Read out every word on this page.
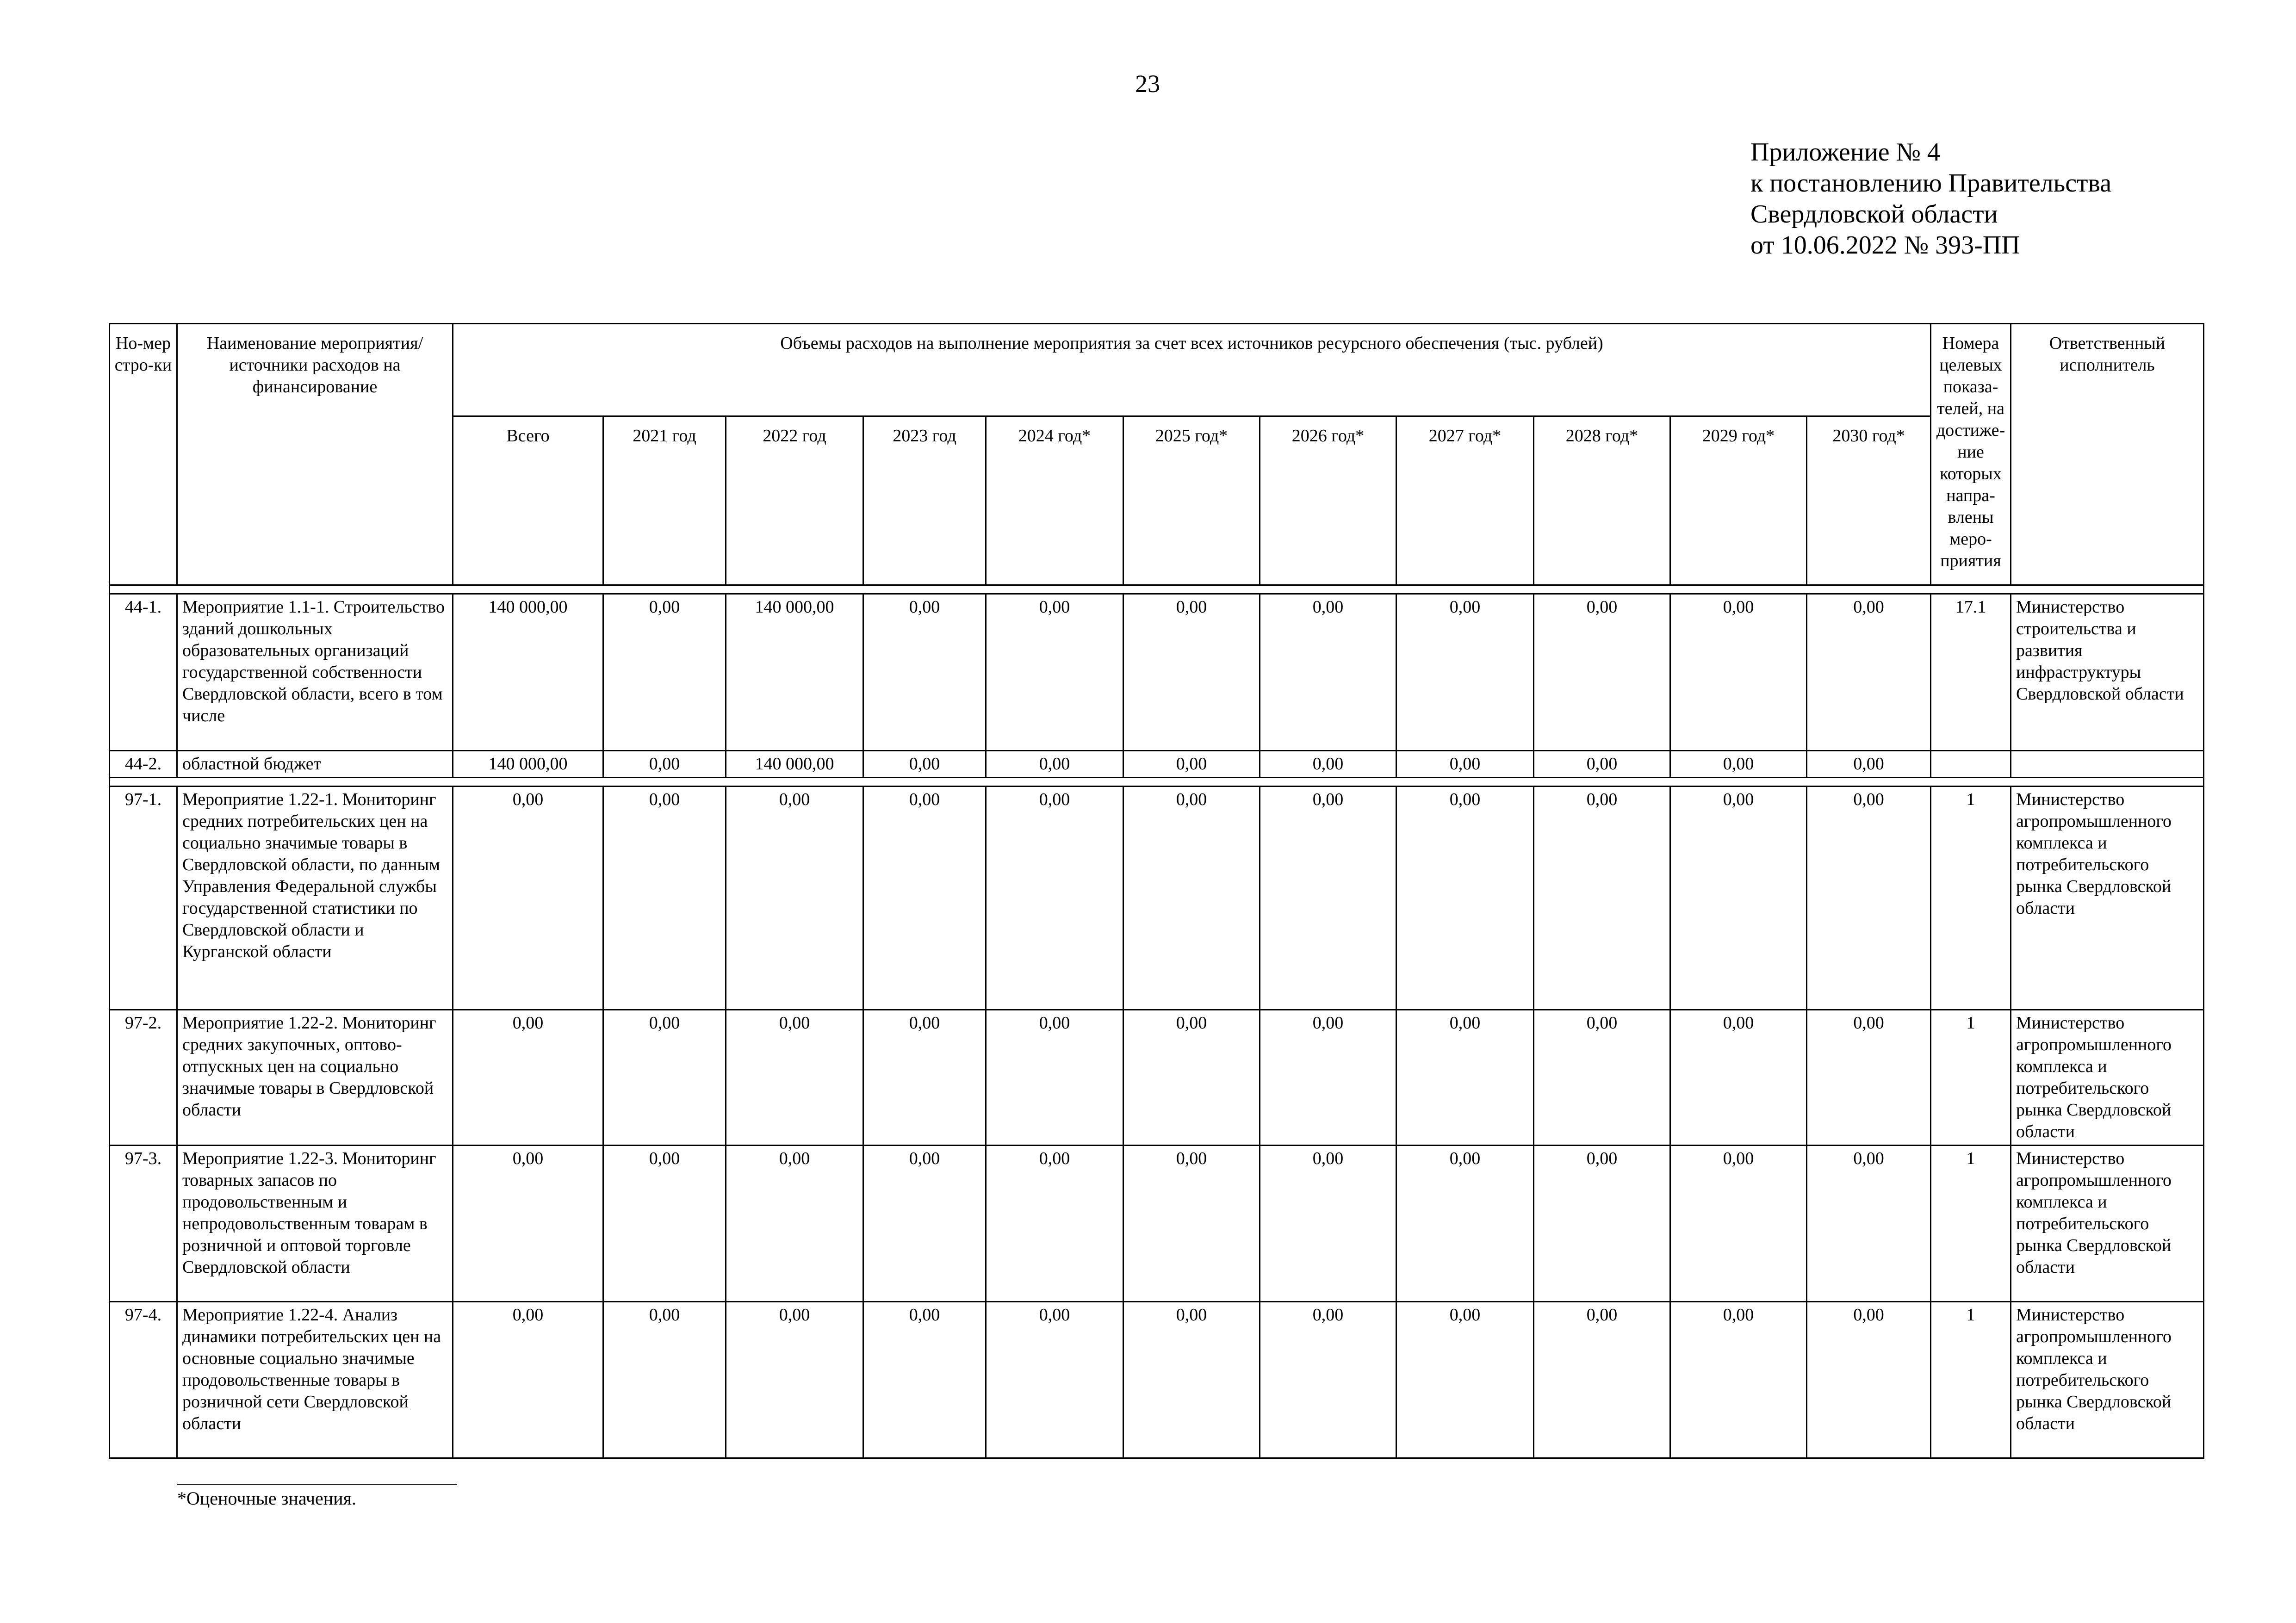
23
Приложение № 4
к постановлению Правительства
Свердловской области
от 10.06.2022 № 393-ПП
Но-мер стро-ки	Наименование мероприятия/ источники расходов на финансирование	Объемы расходов на выполнение мероприятия за счет всех источников ресурсного обеспечения (тыс. рублей)											Номера целевых показа-телей, на достиже-ние которых напра-влены меро-приятия	Ответственный исполнитель
		Всего	2021 год	2022 год	2023 год	2024 год*	2025 год*	2026 год*	2027 год*	2028 год*	2029 год*	2030 год*		

44-1.	Мероприятие 1.1-1. Строительство зданий дошкольных образовательных организаций государственной собственности Свердловской области, всего в том числе	140 000,00	0,00	140 000,00	0,00	0,00	0,00	0,00	0,00	0,00	0,00	0,00	17.1	Министерство строительства и развития инфраструктуры Свердловской области
44-2.	областной бюджет	140 000,00	0,00	140 000,00	0,00	0,00	0,00	0,00	0,00	0,00	0,00	0,00		

97-1.	Мероприятие 1.22-1. Мониторинг средних потребительских цен на социально значимые товары в Свердловской области, по данным Управления Федеральной службы государственной статистики по Свердловской области и Курганской области	0,00	0,00	0,00	0,00	0,00	0,00	0,00	0,00	0,00	0,00	0,00	1	Министерство агропромышленного комплекса и потребительского рынка Свердловской области
97-2.	Мероприятие 1.22-2. Мониторинг средних закупочных, оптово-отпускных цен на социально значимые товары в Свердловской области	0,00	0,00	0,00	0,00	0,00	0,00	0,00	0,00	0,00	0,00	0,00	1	Министерство агропромышленного комплекса и потребительского рынка Свердловской области
97-3.	Мероприятие 1.22-3. Мониторинг товарных запасов по продовольственным и непродовольственным товарам в розничной и оптовой торговле Свердловской области	0,00	0,00	0,00	0,00	0,00	0,00	0,00	0,00	0,00	0,00	0,00	1	Министерство агропромышленного комплекса и потребительского рынка Свердловской области
97-4.	Мероприятие 1.22-4. Анализ динамики потребительских цен на основные социально значимые продовольственные товары в розничной сети Свердловской области	0,00	0,00	0,00	0,00	0,00	0,00	0,00	0,00	0,00	0,00	0,00	1	Министерство агропромышленного комплекса и потребительского рынка Свердловской области
*Оценочные значения.
